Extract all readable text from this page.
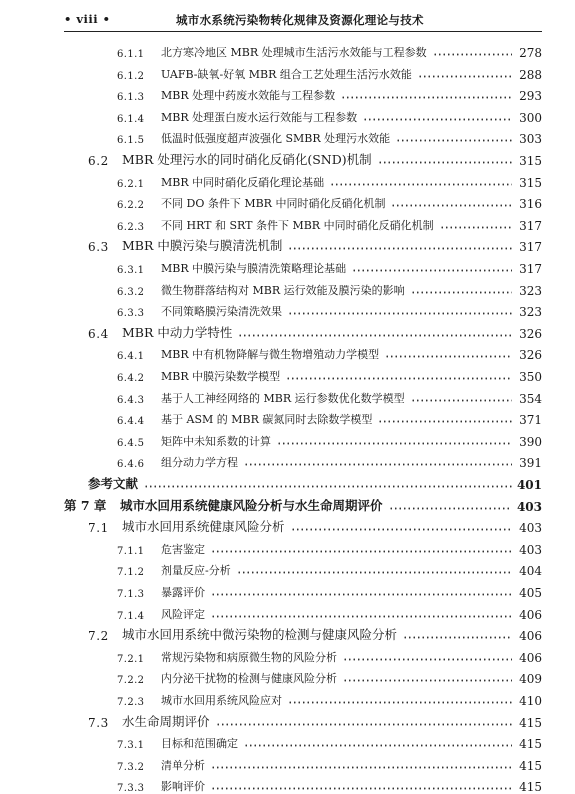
• viii •	城市水系统污染物转化规律及资源化理论与技术
6.1.1	北方寒冷地区 MBR 处理城市生活污水效能与工程参数	278
6.1.2	UAFB-缺氧-好氧 MBR 组合工艺处理生活污水效能	288
6.1.3	MBR 处理中药废水效能与工程参数	293
6.1.4	MBR 处理蛋白废水运行效能与工程参数	300
6.1.5	低温时低强度超声波强化 SMBR 处理污水效能	303
6.2	MBR 处理污水的同时硝化反硝化(SND)机制	315
6.2.1	MBR 中同时硝化反硝化理论基础	315
6.2.2	不同 DO 条件下 MBR 中同时硝化反硝化机制	316
6.2.3	不同 HRT 和 SRT 条件下 MBR 中同时硝化反硝化机制	317
6.3	MBR 中膜污染与膜清洗机制	317
6.3.1	MBR 中膜污染与膜清洗策略理论基础	317
6.3.2	微生物群落结构对 MBR 运行效能及膜污染的影响	323
6.3.3	不同策略膜污染清洗效果	323
6.4	MBR 中动力学特性	326
6.4.1	MBR 中有机物降解与微生物增殖动力学模型	326
6.4.2	MBR 中膜污染数学模型	350
6.4.3	基于人工神经网络的 MBR 运行参数优化数学模型	354
6.4.4	基于 ASM 的 MBR 碳氮同时去除数学模型	371
6.4.5	矩阵中未知系数的计算	390
6.4.6	组分动力学方程	391
参考文献	401
第 7 章	城市水回用系统健康风险分析与水生命周期评价	403
7.1	城市水回用系统健康风险分析	403
7.1.1	危害鉴定	403
7.1.2	剂量反应-分析	404
7.1.3	暴露评价	405
7.1.4	风险评定	406
7.2	城市水回用系统中微污染物的检测与健康风险分析	406
7.2.1	常规污染物和病原微生物的风险分析	406
7.2.2	内分泌干扰物的检测与健康风险分析	409
7.2.3	城市水回用系统风险应对	410
7.3	水生命周期评价	415
7.3.1	目标和范围确定	415
7.3.2	清单分析	415
7.3.3	影响评价	415
